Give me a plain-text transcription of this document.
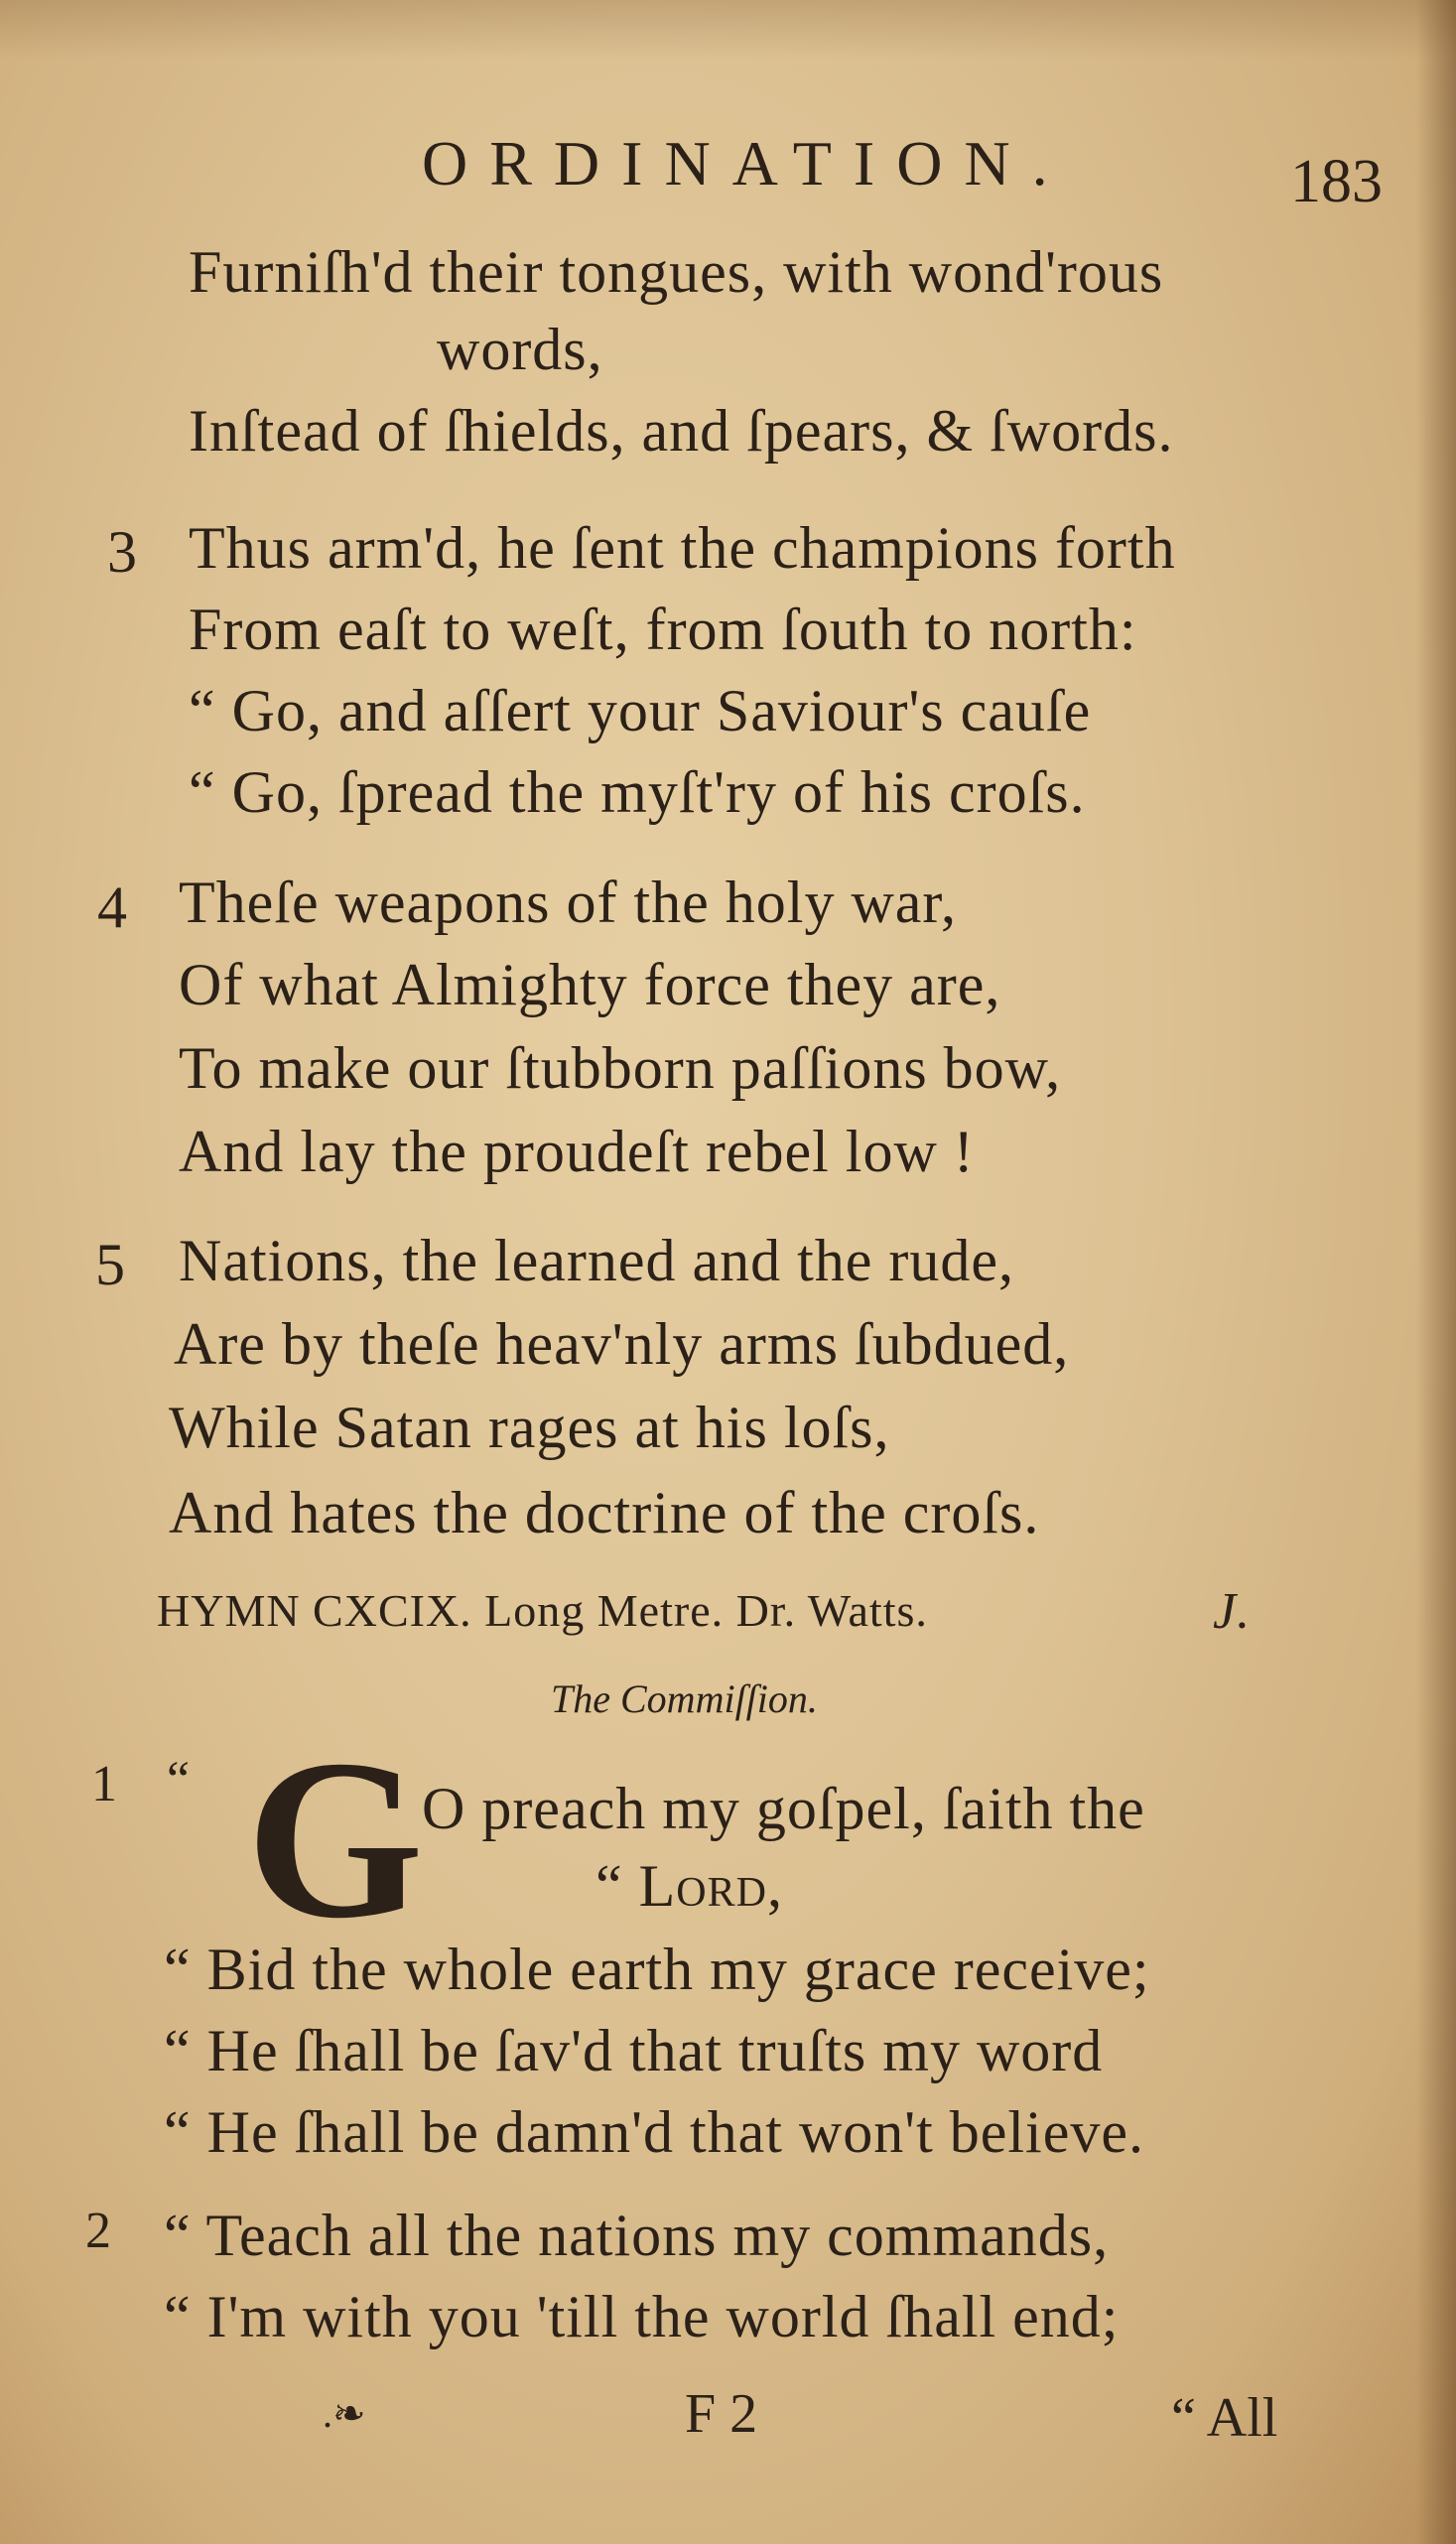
ORDINATION.	183
Furniſh'd their tongues, with wond'rous
words,
Inſtead of ſhields, and ſpears, & ſwords.
3 Thus arm'd, he ſent the champions forth
From eaſt to weſt, from ſouth to north:
“ Go, and aſſert your Saviour's cauſe
“ Go, ſpread the myſt'ry of his croſs.
4 Theſe weapons of the holy war,
Of what Almighty force they are,
To make our ſtubborn paſſions bow,
And lay the proudeſt rebel low !
5 Nations, the learned and the rude,
Are by theſe heav'nly arms ſubdued,
While Satan rages at his loſs,
And hates the doctrine of the croſs.
HYMN CXCIX. Long Metre. Dr. Watts.	J.
The Commiſſion.
1 “ G
O preach my goſpel, ſaith the
“ Lord,
“ Bid the whole earth my grace receive;
“ He ſhall be ſav'd that truſts my word
“ He ſhall be damn'd that won't believe.
2 “ Teach all the nations my commands,
“ I'm with you 'till the world ſhall end;
.❧	F 2	“ All
